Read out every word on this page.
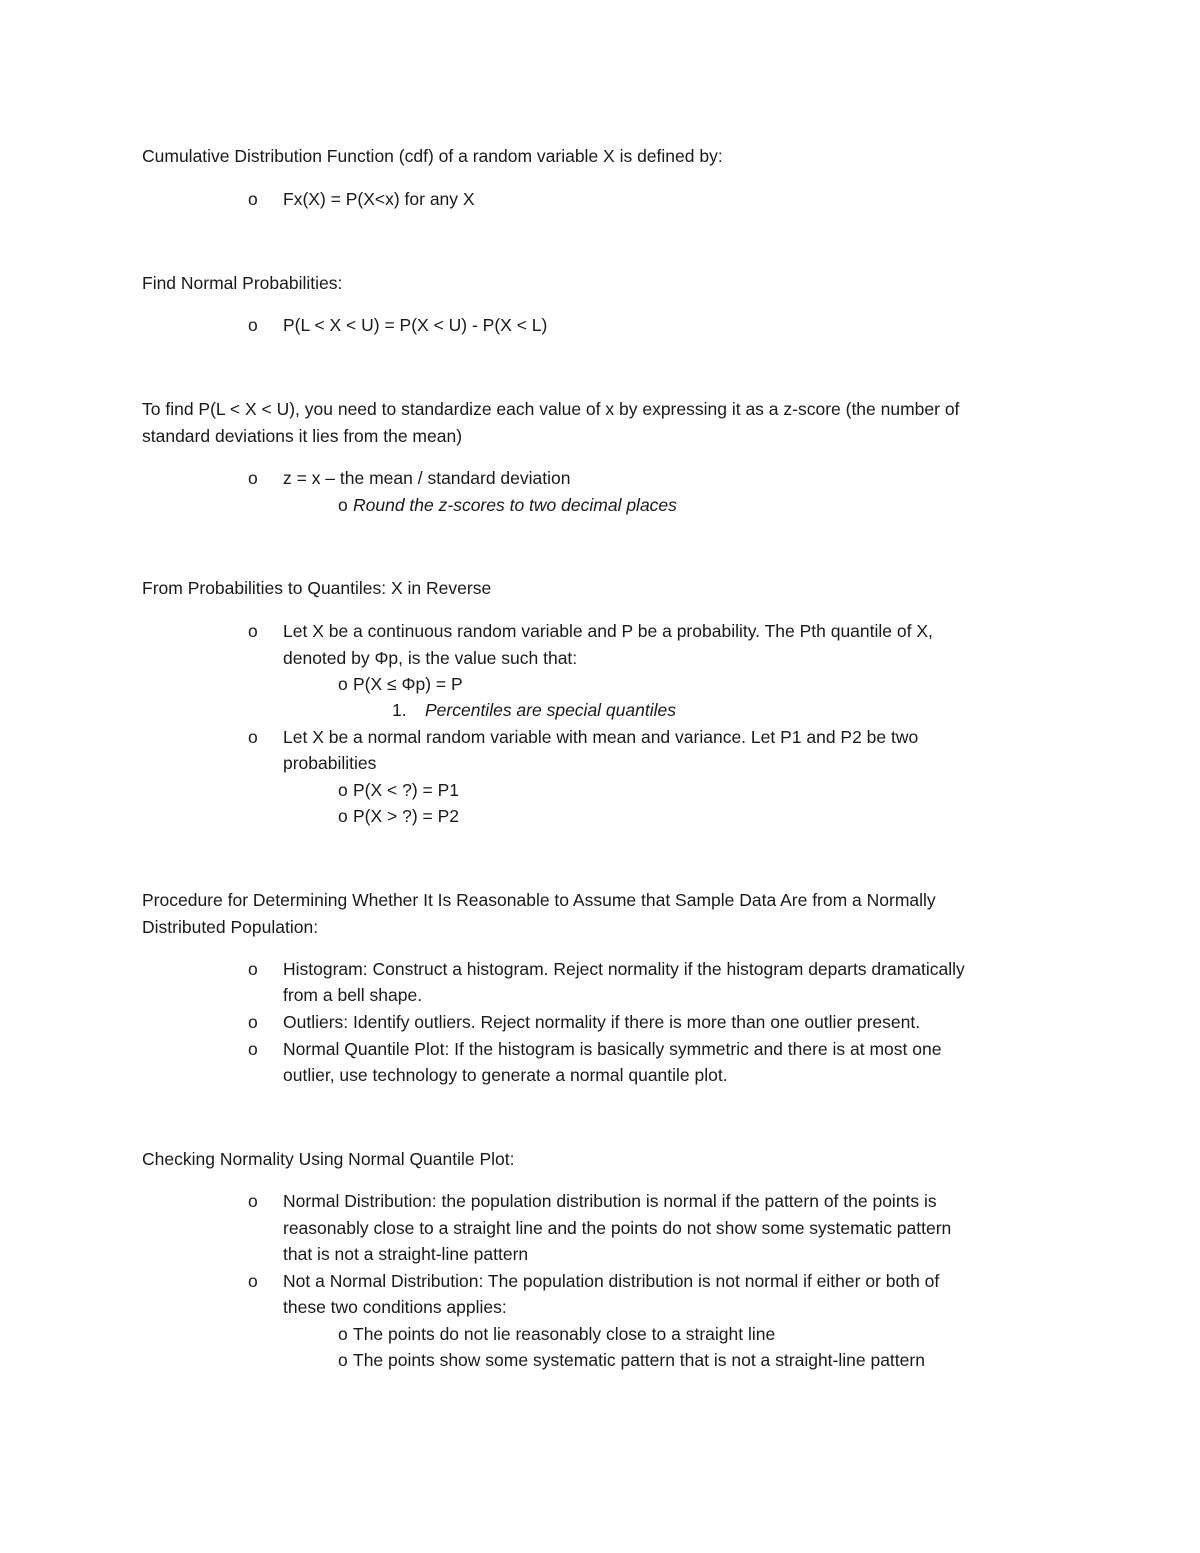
Cumulative Distribution Function (cdf) of a random variable X is defined by:
o Fx(X) = P(X<x) for any X
Find Normal Probabilities:
o P(L < X < U) = P(X < U) - P(X < L)
To find P(L < X < U), you need to standardize each value of x by expressing it as a z-score (the number of
standard deviations it lies from the mean)
o z = x – the mean / standard deviation
o Round the z-scores to two decimal places
From Probabilities to Quantiles: X in Reverse
o Let X be a continuous random variable and P be a probability. The Pth quantile of X,
denoted by Φp, is the value such that:
o P(X ≤ Φp) = P
1. Percentiles are special quantiles
o Let X be a normal random variable with mean and variance. Let P1 and P2 be two
probabilities
o P(X < ?) = P1
o P(X > ?) = P2
Procedure for Determining Whether It Is Reasonable to Assume that Sample Data Are from a Normally
Distributed Population:
o Histogram: Construct a histogram. Reject normality if the histogram departs dramatically
from a bell shape.
o Outliers: Identify outliers. Reject normality if there is more than one outlier present.
o Normal Quantile Plot: If the histogram is basically symmetric and there is at most one
outlier, use technology to generate a normal quantile plot.
Checking Normality Using Normal Quantile Plot:
o Normal Distribution: the population distribution is normal if the pattern of the points is
reasonably close to a straight line and the points do not show some systematic pattern
that is not a straight-line pattern
o Not a Normal Distribution: The population distribution is not normal if either or both of
these two conditions applies:
o The points do not lie reasonably close to a straight line
o The points show some systematic pattern that is not a straight-line pattern
